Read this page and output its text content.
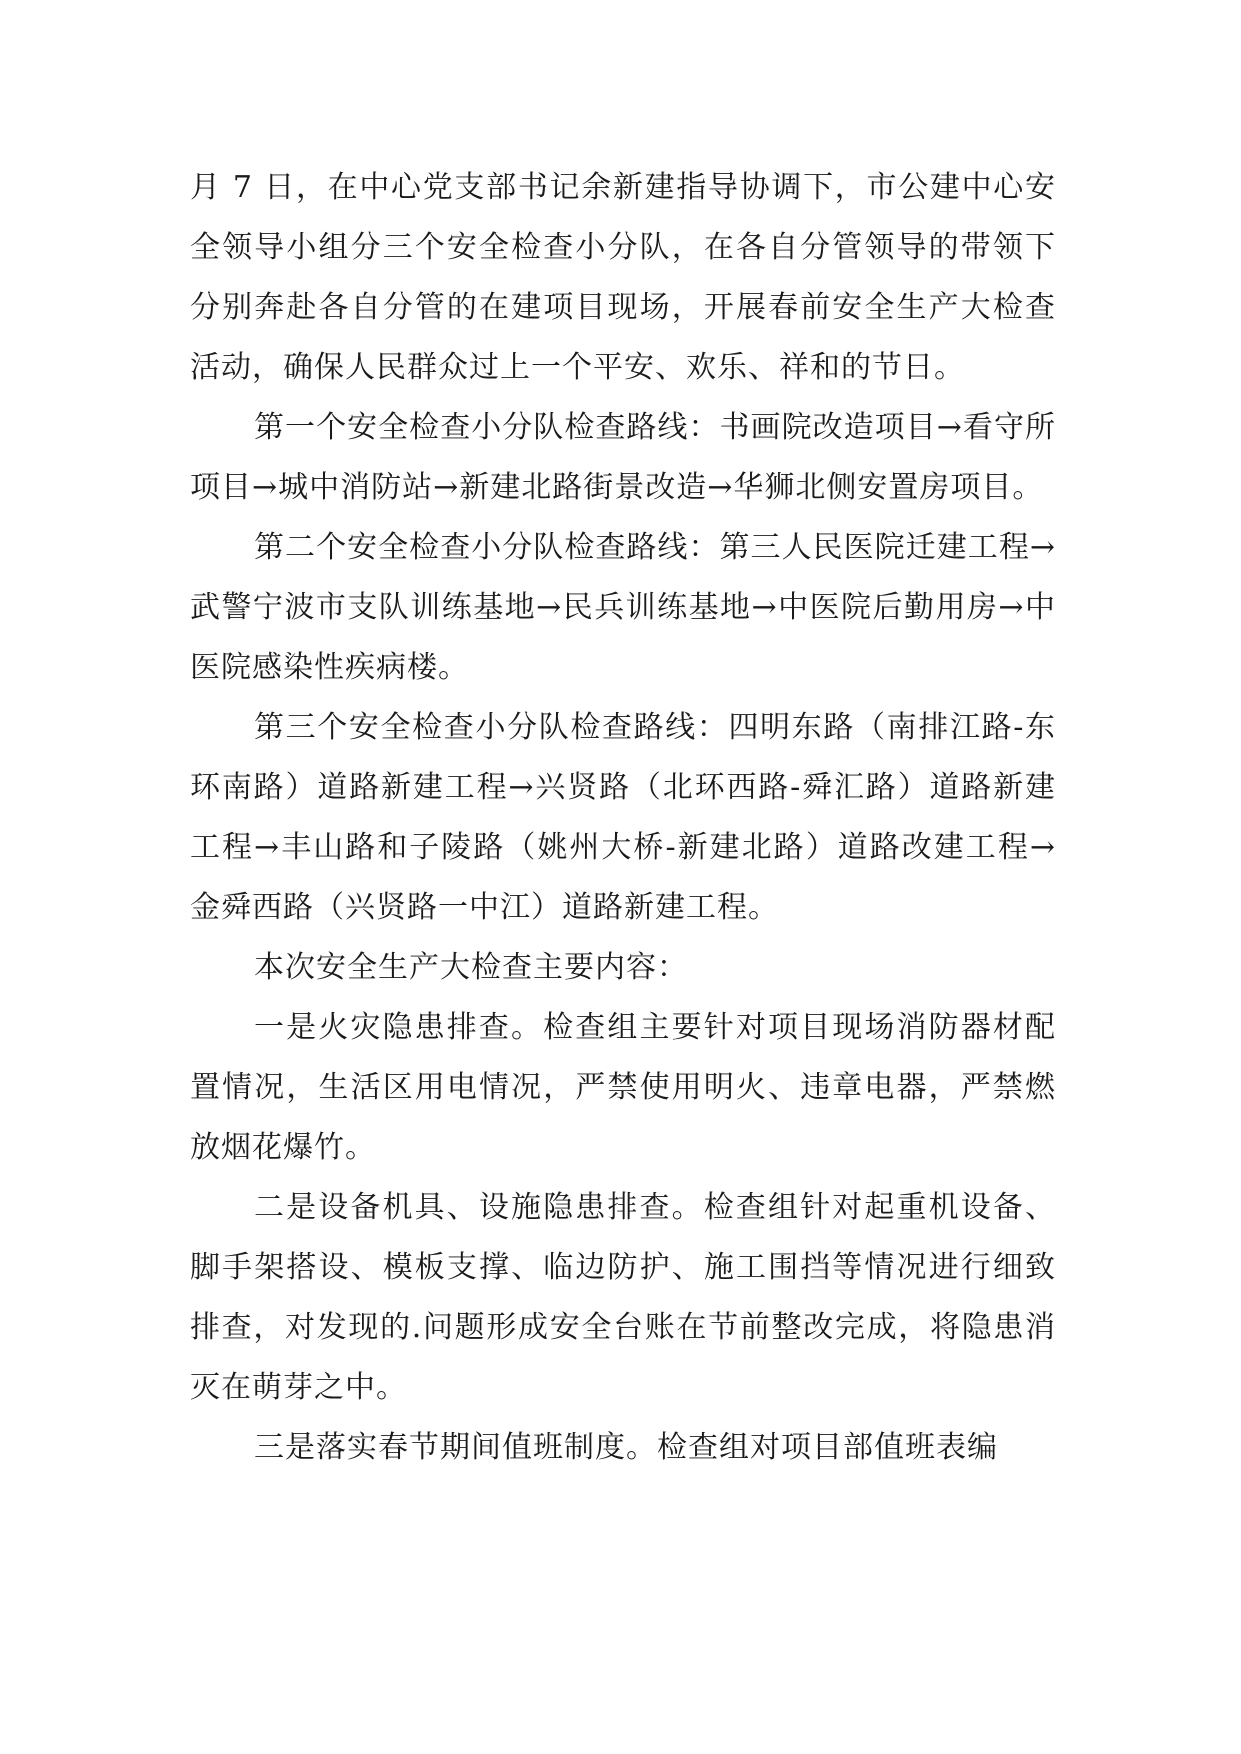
月 7 日，在中心党支部书记余新建指导协调下，市公建中心安全领导小组分三个安全检查小分队，在各自分管领导的带领下分别奔赴各自分管的在建项目现场，开展春前安全生产大检查活动，确保人民群众过上一个平安、欢乐、祥和的节日。

第一个安全检查小分队检查路线：书画院改造项目→看守所项目→城中消防站→新建北路街景改造→华狮北侧安置房项目。

第二个安全检查小分队检查路线：第三人民医院迁建工程→武警宁波市支队训练基地→民兵训练基地→中医院后勤用房→中医院感染性疾病楼。

第三个安全检查小分队检查路线：四明东路（南排江路-东环南路）道路新建工程→兴贤路（北环西路-舜汇路）道路新建工程→丰山路和子陵路（姚州大桥-新建北路）道路改建工程→金舜西路（兴贤路一中江）道路新建工程。

本次安全生产大检查主要内容：

一是火灾隐患排查。检查组主要针对项目现场消防器材配置情况，生活区用电情况，严禁使用明火、违章电器，严禁燃放烟花爆竹。

二是设备机具、设施隐患排查。检查组针对起重机设备、脚手架搭设、模板支撑、临边防护、施工围挡等情况进行细致排查，对发现的.问题形成安全台账在节前整改完成，将隐患消灭在萌芽之中。

三是落实春节期间值班制度。检查组对项目部值班表编
